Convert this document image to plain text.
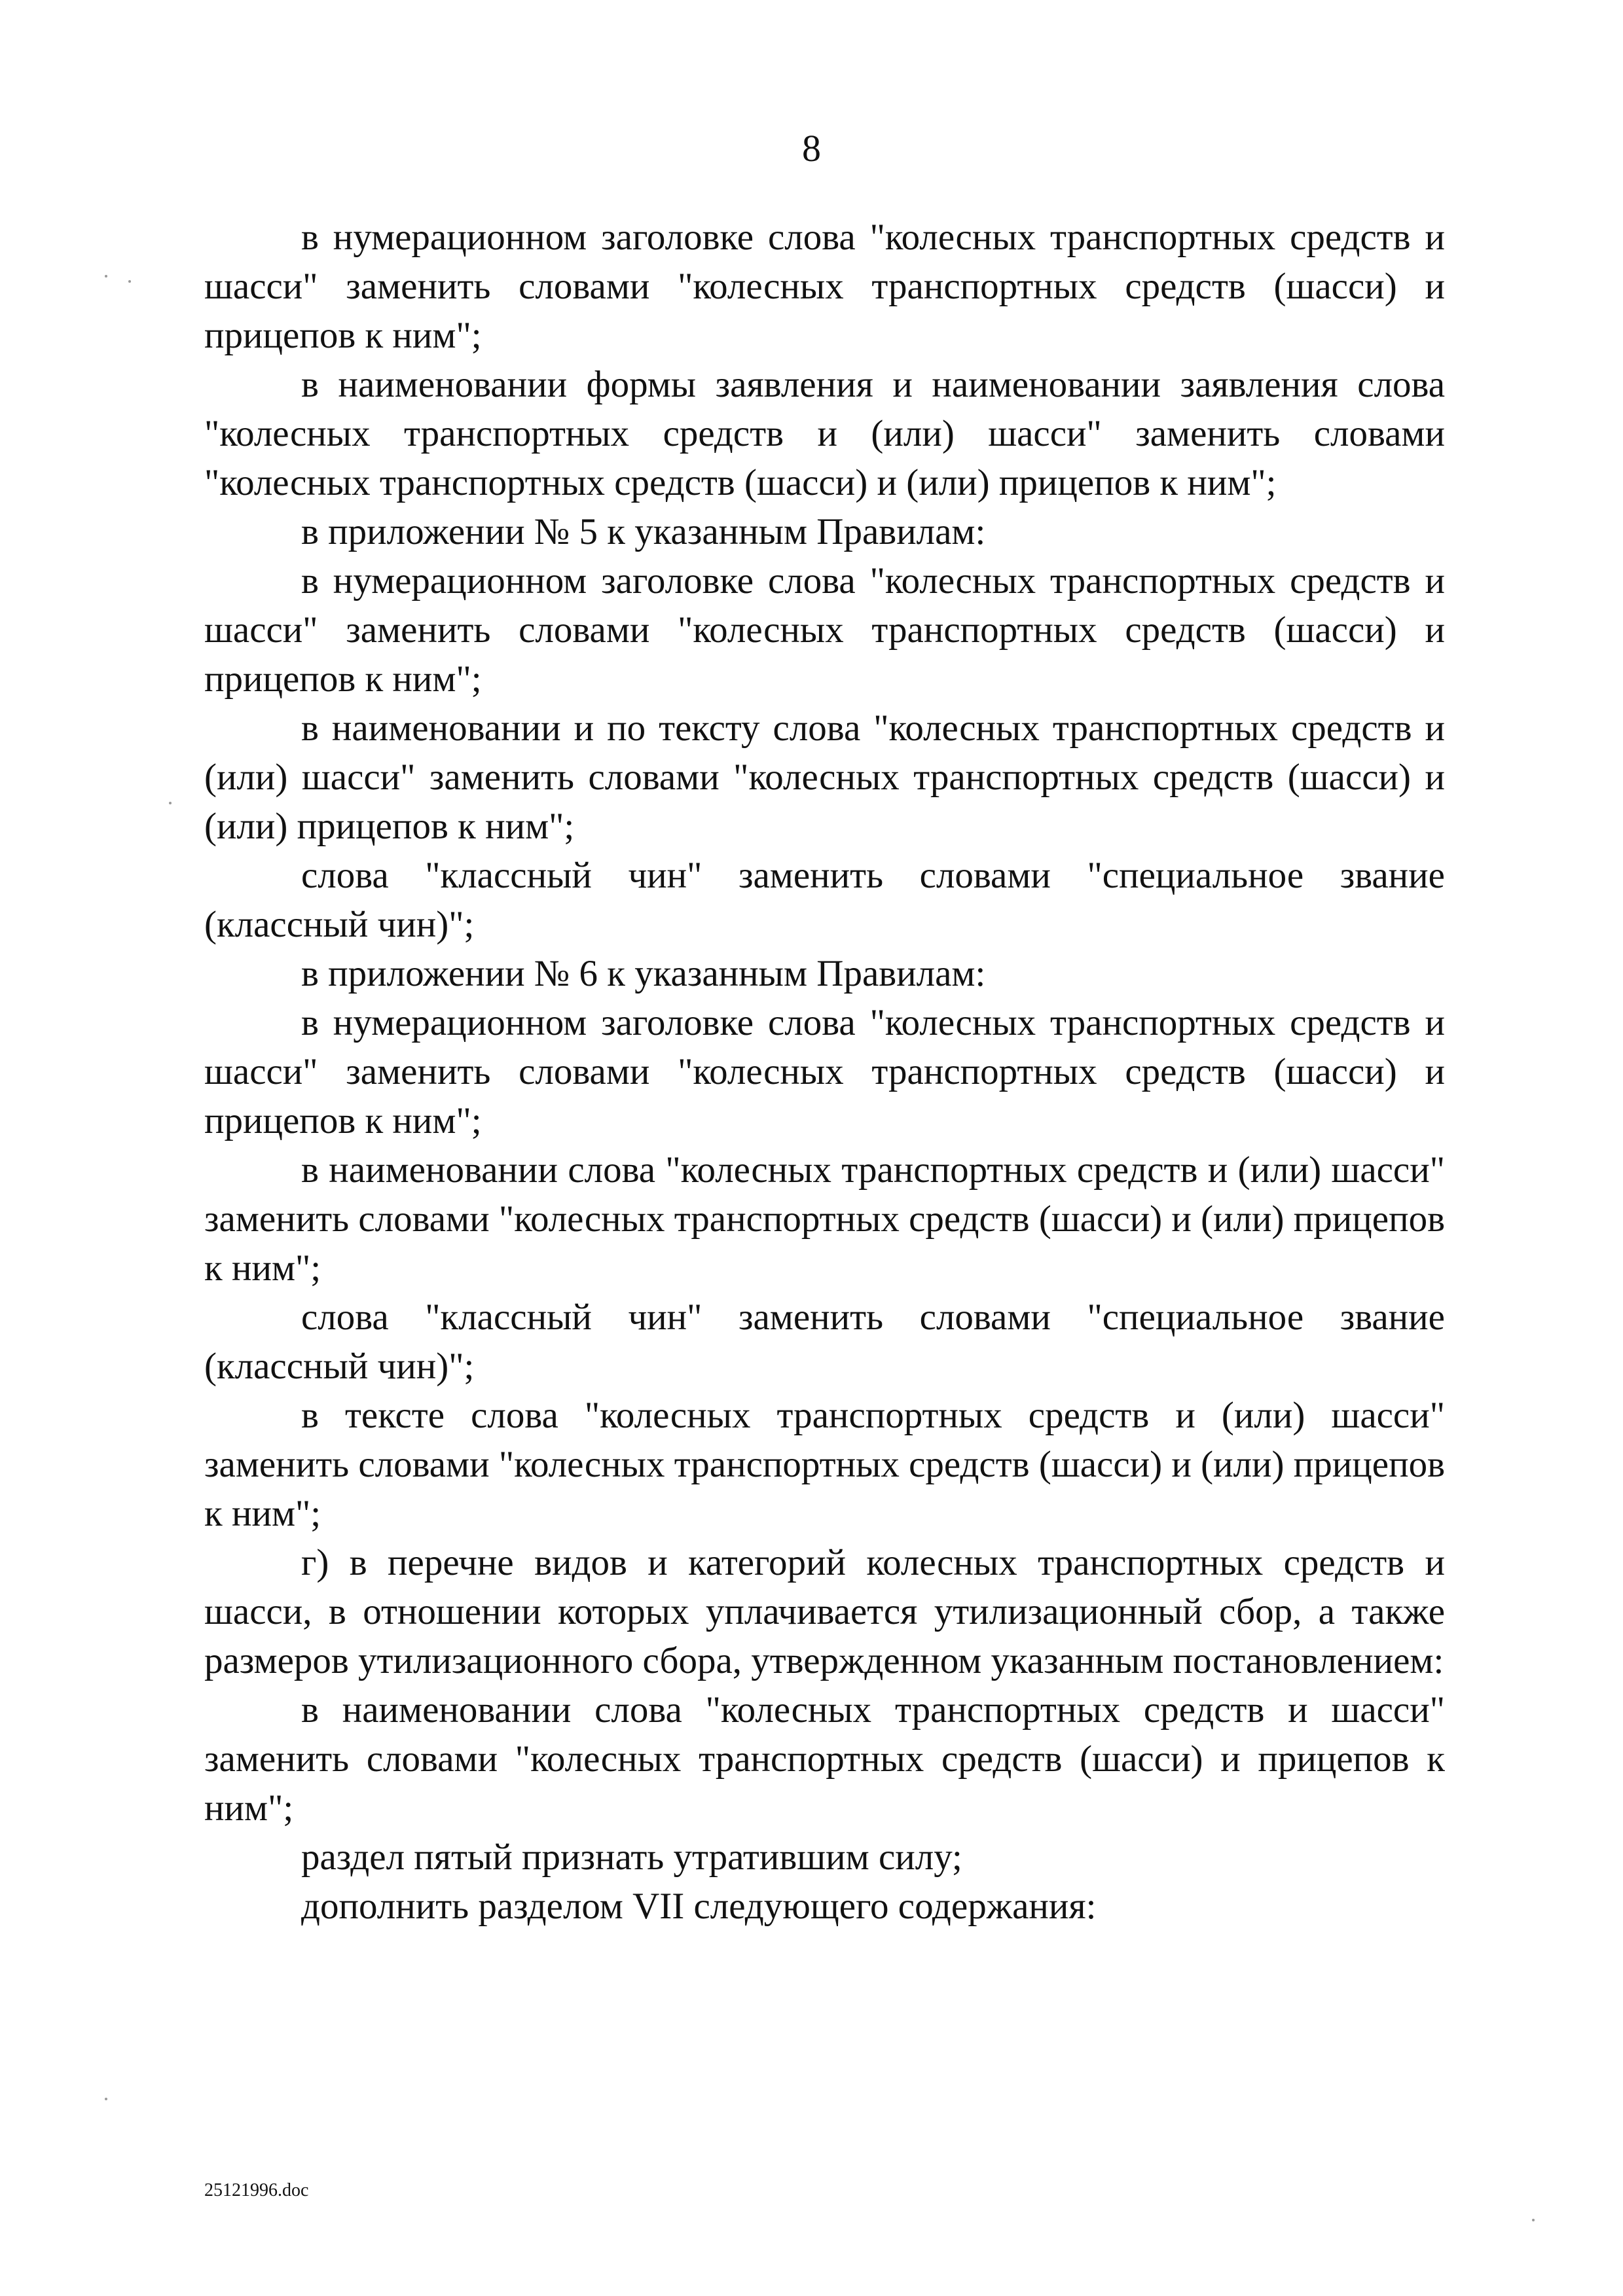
8

в нумерационном заголовке слова "колесных транспортных средств и шасси" заменить словами "колесных транспортных средств (шасси) и прицепов к ним";

в наименовании формы заявления и наименовании заявления слова "колесных транспортных средств и (или) шасси" заменить словами "колесных транспортных средств (шасси) и (или) прицепов к ним";

в приложении № 5 к указанным Правилам:

в нумерационном заголовке слова "колесных транспортных средств и шасси" заменить словами "колесных транспортных средств (шасси) и прицепов к ним";

в наименовании и по тексту слова "колесных транспортных средств и (или) шасси" заменить словами "колесных транспортных средств (шасси) и (или) прицепов к ним";

слова "классный чин" заменить словами "специальное звание (классный чин)";

в приложении № 6 к указанным Правилам:

в нумерационном заголовке слова "колесных транспортных средств и шасси" заменить словами "колесных транспортных средств (шасси) и прицепов к ним";

в наименовании слова "колесных транспортных средств и (или) шасси" заменить словами "колесных транспортных средств (шасси) и (или) прицепов к ним";

слова "классный чин" заменить словами "специальное звание (классный чин)";

в тексте слова "колесных транспортных средств и (или) шасси" заменить словами "колесных транспортных средств (шасси) и (или) прицепов к ним";

г) в перечне видов и категорий колесных транспортных средств и шасси, в отношении которых уплачивается утилизационный сбор, а также размеров утилизационного сбора, утвержденном указанным постановлением:

в наименовании слова "колесных транспортных средств и шасси" заменить словами "колесных транспортных средств (шасси) и прицепов к ним";

раздел пятый признать утратившим силу;

дополнить разделом VII следующего содержания:

25121996.doc
